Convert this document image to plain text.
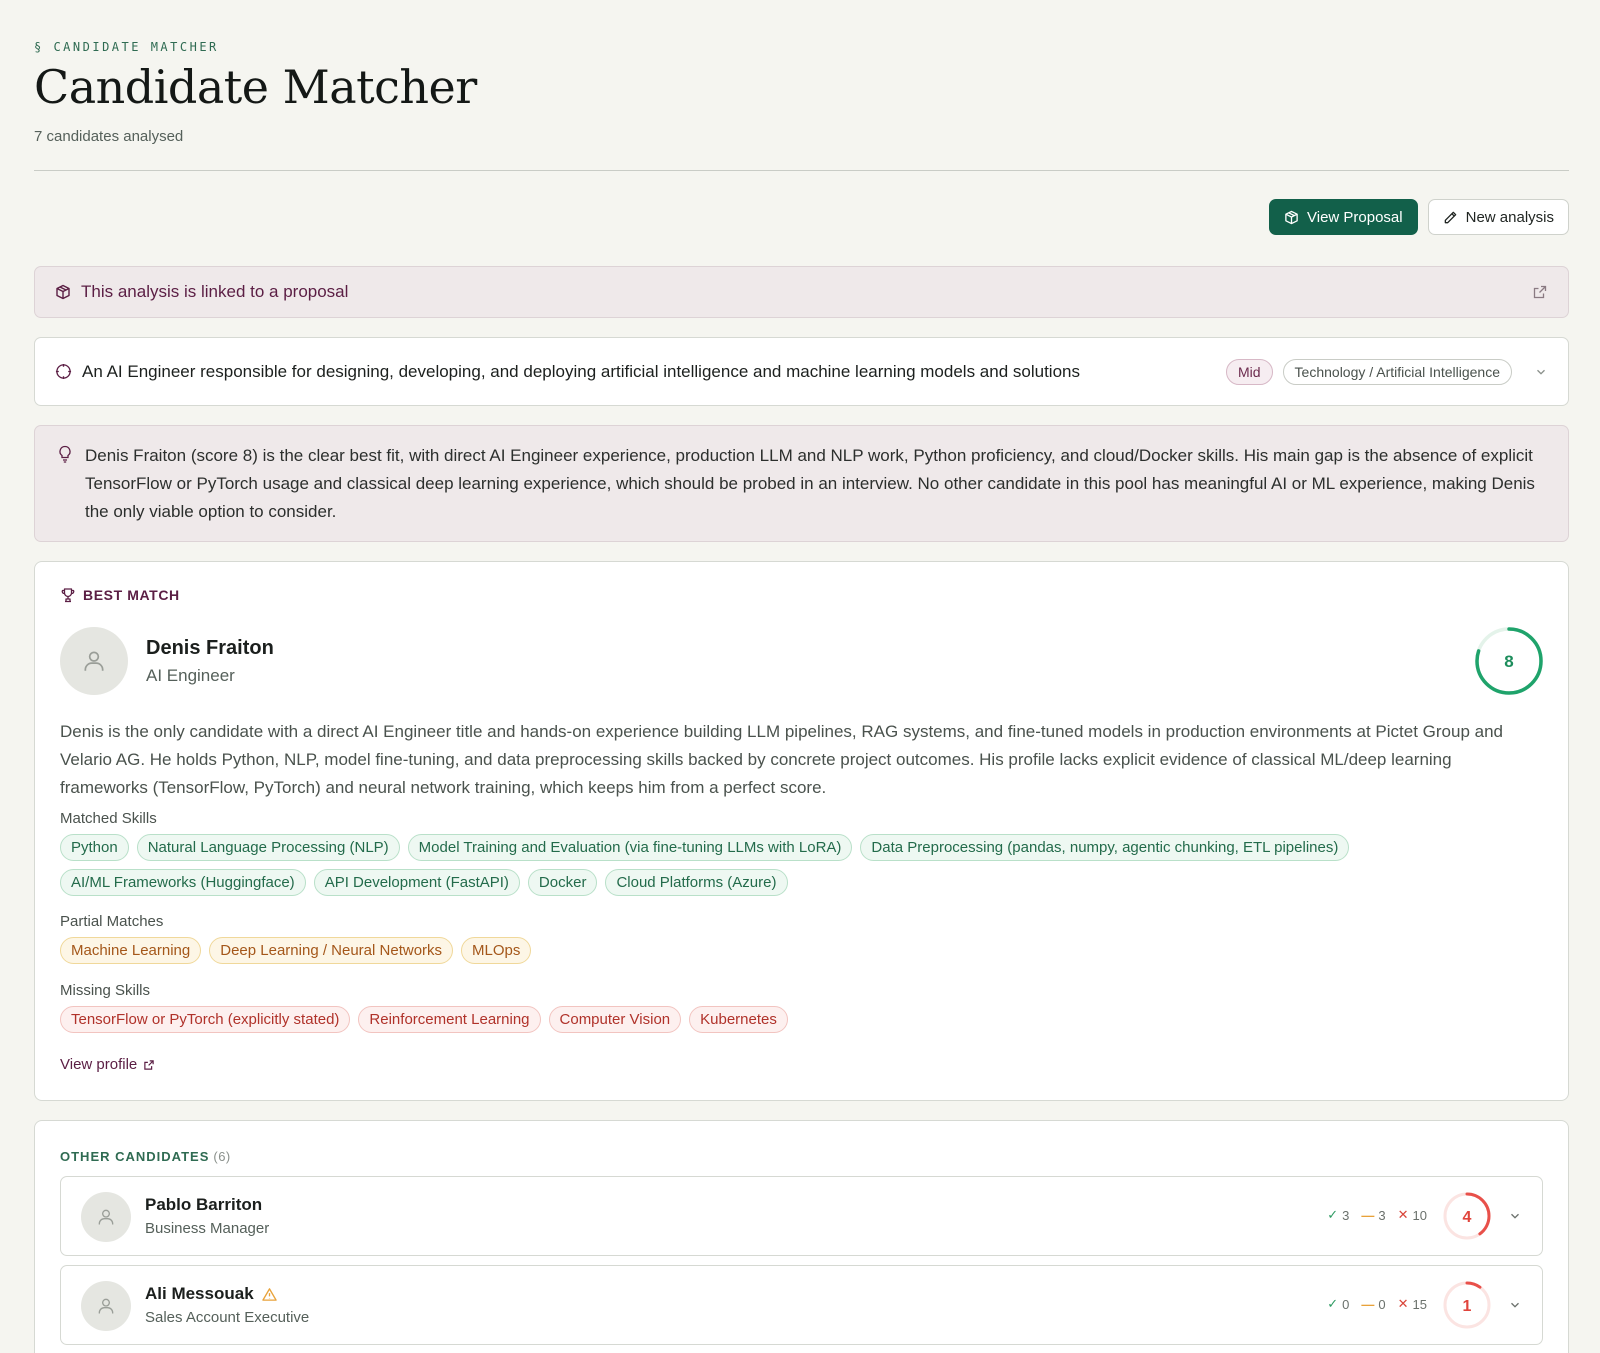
§ CANDIDATE MATCHER
Candidate Matcher
7 candidates analysed
View Proposal	New analysis
This analysis is linked to a proposal
An AI Engineer responsible for designing, developing, and deploying artificial intelligence and machine learning models and solutions	Mid	Technology / Artificial Intelligence
Denis Fraiton (score 8) is the clear best fit, with direct AI Engineer experience, production LLM and NLP work, Python proficiency, and cloud/Docker skills. His main gap is the absence of explicit TensorFlow or PyTorch usage and classical deep learning experience, which should be probed in an interview. No other candidate in this pool has meaningful AI or ML experience, making Denis the only viable option to consider.
BEST MATCH
Denis Fraiton
AI Engineer
8
Denis is the only candidate with a direct AI Engineer title and hands-on experience building LLM pipelines, RAG systems, and fine-tuned models in production environments at Pictet Group and Velario AG. He holds Python, NLP, model fine-tuning, and data preprocessing skills backed by concrete project outcomes. His profile lacks explicit evidence of classical ML/deep learning frameworks (TensorFlow, PyTorch) and neural network training, which keeps him from a perfect score.
Matched Skills
Python	Natural Language Processing (NLP)	Model Training and Evaluation (via fine-tuning LLMs with LoRA)	Data Preprocessing (pandas, numpy, agentic chunking, ETL pipelines)
AI/ML Frameworks (Huggingface)	API Development (FastAPI)	Docker	Cloud Platforms (Azure)
Partial Matches
Machine Learning	Deep Learning / Neural Networks	MLOps
Missing Skills
TensorFlow or PyTorch (explicitly stated)	Reinforcement Learning	Computer Vision	Kubernetes
View profile
OTHER CANDIDATES (6)
Pablo Barriton
Business Manager
✓ 3 — 3 ✕ 10 4
Ali Messouak
Sales Account Executive
✓ 0 — 0 ✕ 15 1
